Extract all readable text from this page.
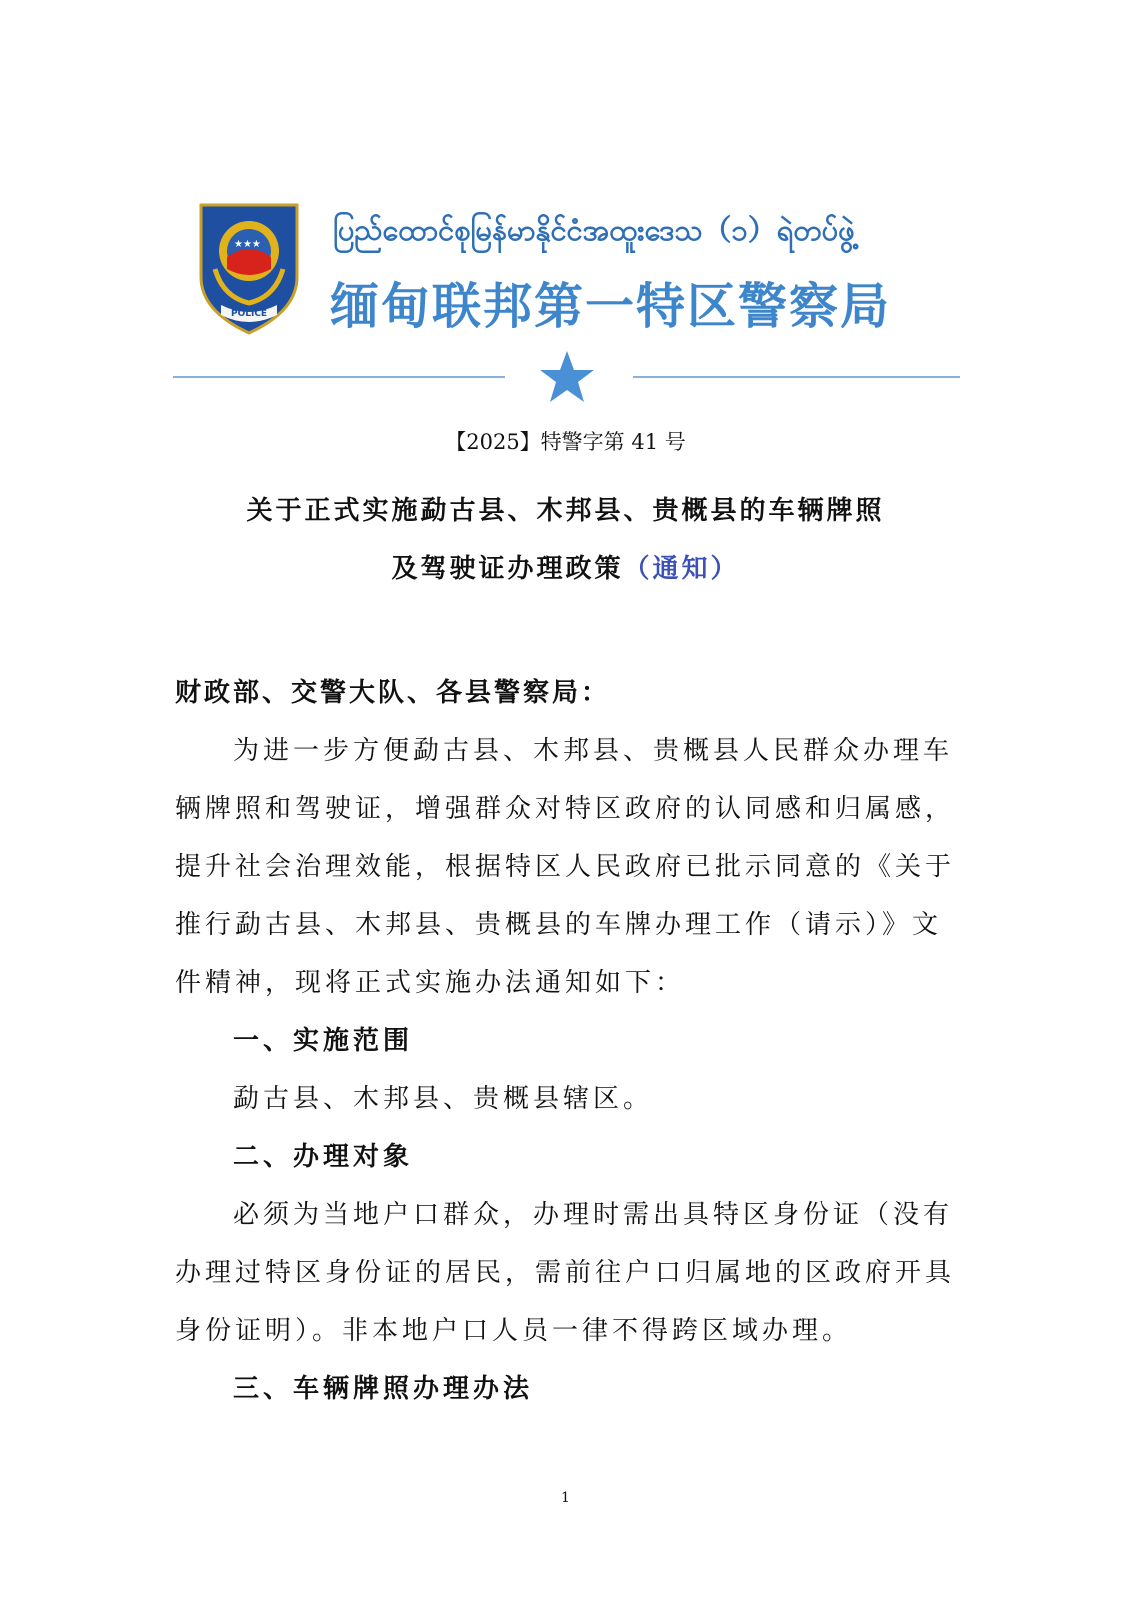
★★★
POLICE
ပြည်ထောင်စုမြန်မာနိုင်ငံအထူးဒေသ（၁）ရဲတပ်ဖွဲ့
缅甸联邦第一特区警察局
【2025】特警字第 41 号
关于正式实施勐古县、木邦县、贵概县的车辆牌照
及驾驶证办理政策（通知）
财政部、交警大队、各县警察局：
为进一步方便勐古县、木邦县、贵概县人民群众办理车
辆牌照和驾驶证，增强群众对特区政府的认同感和归属感，
提升社会治理效能，根据特区人民政府已批示同意的《关于
推行勐古县、木邦县、贵概县的车牌办理工作（请示）》文
件精神，现将正式实施办法通知如下：
一、实施范围
勐古县、木邦县、贵概县辖区。
二、办理对象
必须为当地户口群众，办理时需出具特区身份证（没有
办理过特区身份证的居民，需前往户口归属地的区政府开具
身份证明）。非本地户口人员一律不得跨区域办理。
三、车辆牌照办理办法
1
